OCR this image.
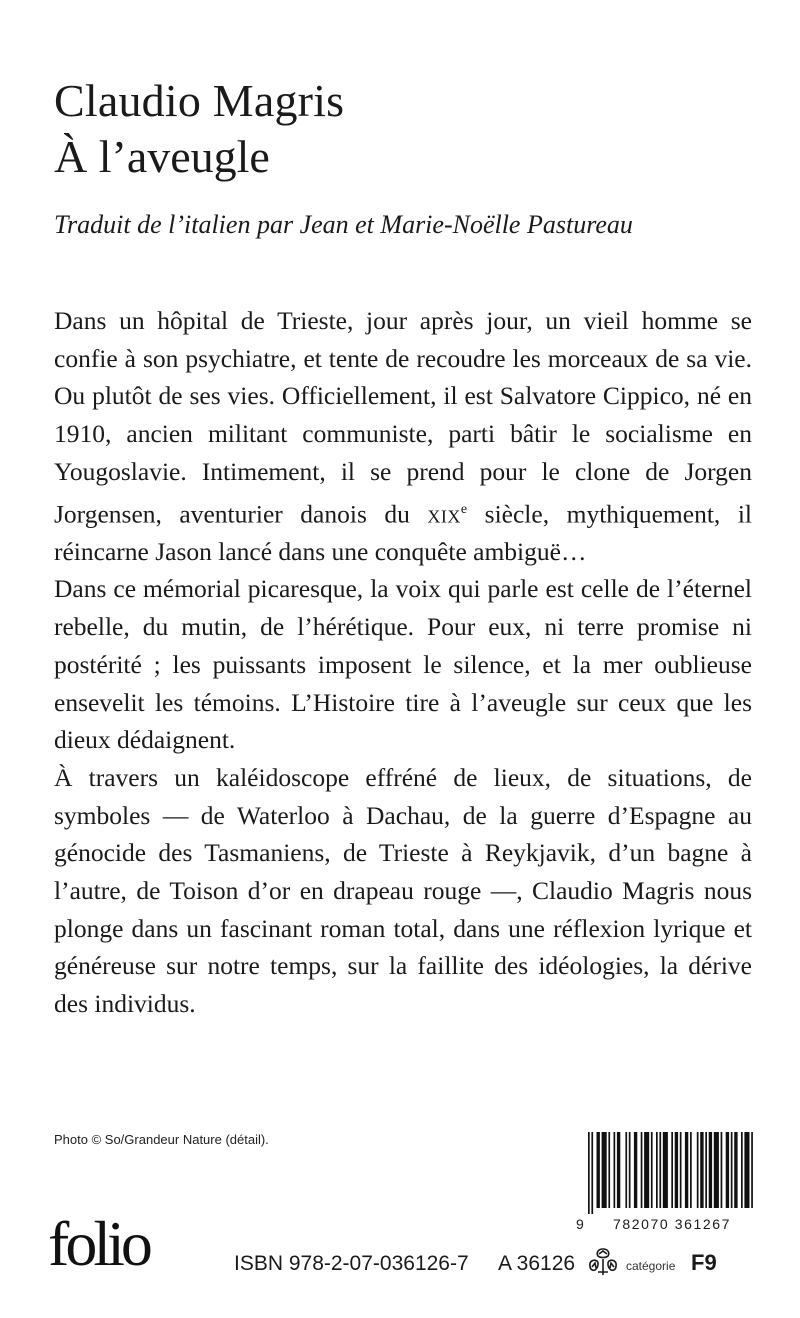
Claudio Magris
À l’aveugle
Traduit de l’italien par Jean et Marie-Noëlle Pastureau

Dans un hôpital de Trieste, jour après jour, un vieil homme se confie à son psychiatre, et tente de recoudre les morceaux de sa vie. Ou plutôt de ses vies. Officiellement, il est Salvatore Cippico, né en 1910, ancien militant communiste, parti bâtir le socialisme en Yougoslavie. Intimement, il se prend pour le clone de Jorgen Jorgensen, aventurier danois du xix$^e$ siècle, mythiquement, il réincarne Jason lancé dans une conquête ambiguë…

Dans ce mémorial picaresque, la voix qui parle est celle de l’éternel rebelle, du mutin, de l’hérétique. Pour eux, ni terre promise ni postérité ; les puissants imposent le silence, et la mer oublieuse ensevelit les témoins. L’Histoire tire à l’aveugle sur ceux que les dieux dédaignent.

À travers un kaléidoscope effréné de lieux, de situations, de symboles — de Waterloo à Dachau, de la guerre d’Espagne au génocide des Tasmaniens, de Trieste à Reykjavik, d’un bagne à l’autre, de Toison d’or en drapeau rouge —, Claudio Magris nous plonge dans un fascinant roman total, dans une réflexion lyrique et généreuse sur notre temps, sur la faillite des idéologies, la dérive des individus.

Photo © So/Grandeur Nature (détail).
9	782070 361267
folio	ISBN 978-2-07-036126-7 A 36126	catégorie F9
